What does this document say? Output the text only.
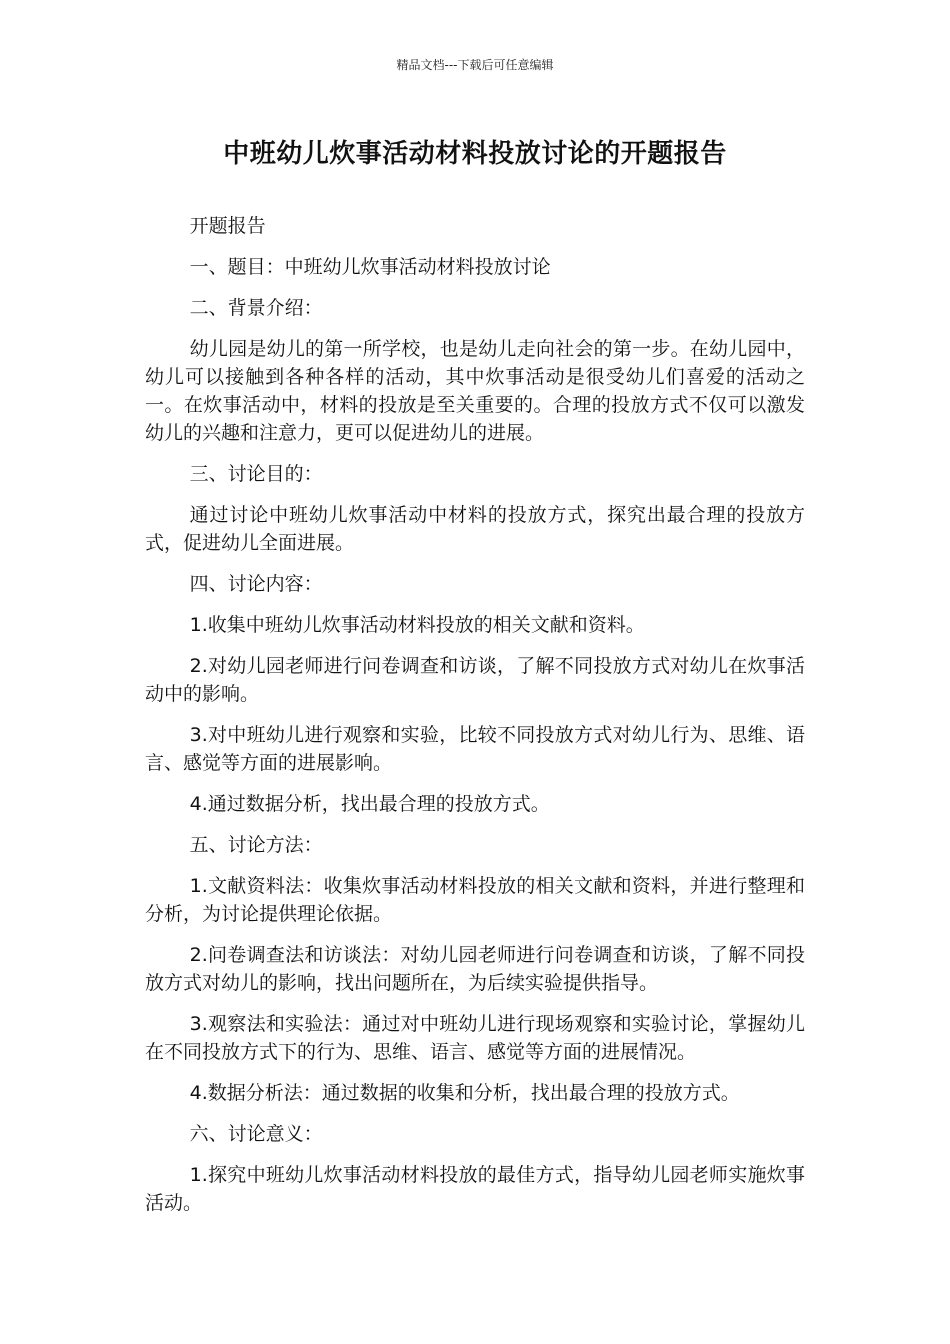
精品文档---下载后可任意编辑
中班幼儿炊事活动材料投放讨论的开题报告

开题报告

一、题目：中班幼儿炊事活动材料投放讨论

二、背景介绍：

幼儿园是幼儿的第一所学校，也是幼儿走向社会的第一步。在幼儿园中，幼儿可以接触到各种各样的活动，其中炊事活动是很受幼儿们喜爱的活动之一。在炊事活动中，材料的投放是至关重要的。合理的投放方式不仅可以激发幼儿的兴趣和注意力，更可以促进幼儿的进展。

三、讨论目的：

通过讨论中班幼儿炊事活动中材料的投放方式，探究出最合理的投放方式，促进幼儿全面进展。

四、讨论内容：

1.收集中班幼儿炊事活动材料投放的相关文献和资料。

2.对幼儿园老师进行问卷调查和访谈，了解不同投放方式对幼儿在炊事活动中的影响。

3.对中班幼儿进行观察和实验，比较不同投放方式对幼儿行为、思维、语言、感觉等方面的进展影响。

4.通过数据分析，找出最合理的投放方式。

五、讨论方法：

1.文献资料法：收集炊事活动材料投放的相关文献和资料，并进行整理和分析，为讨论提供理论依据。

2.问卷调查法和访谈法：对幼儿园老师进行问卷调查和访谈，了解不同投放方式对幼儿的影响，找出问题所在，为后续实验提供指导。

3.观察法和实验法：通过对中班幼儿进行现场观察和实验讨论，掌握幼儿在不同投放方式下的行为、思维、语言、感觉等方面的进展情况。

4.数据分析法：通过数据的收集和分析，找出最合理的投放方式。

六、讨论意义：

1.探究中班幼儿炊事活动材料投放的最佳方式，指导幼儿园老师实施炊事活动。
